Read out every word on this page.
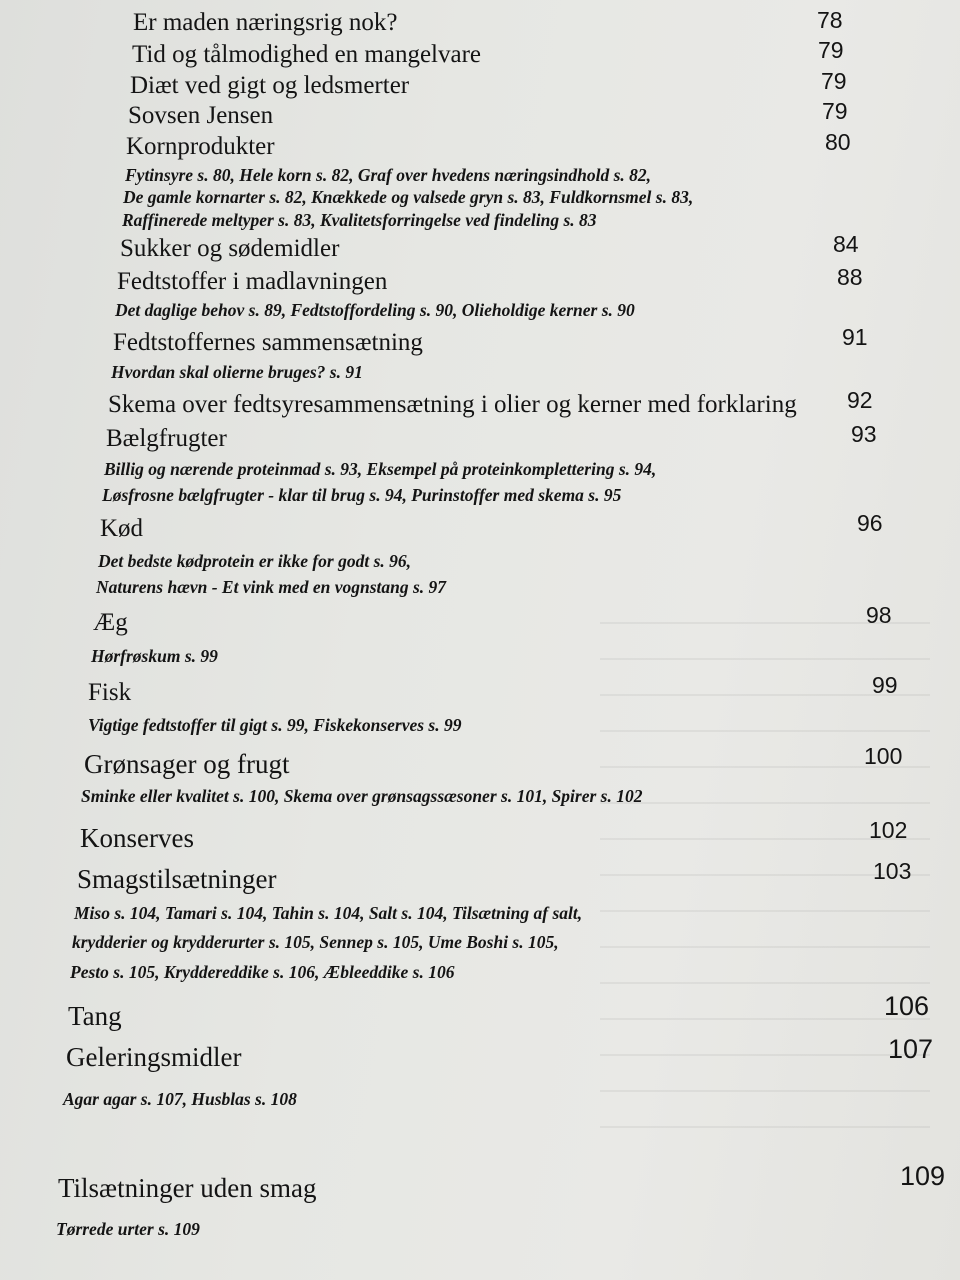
Er maden næringsrig nok?	78
Tid og tålmodighed en mangelvare	79
Diæt ved gigt og ledsmerter	79
Sovsen Jensen	79
Kornprodukter	80
Fytinsyre s. 80, Hele korn s. 82, Graf over hvedens næringsindhold s. 82,
De gamle kornarter s. 82, Knækkede og valsede gryn s. 83, Fuldkornsmel s. 83,
Raffinerede meltyper s. 83, Kvalitetsforringelse ved findeling s. 83
Sukker og sødemidler	84
Fedtstoffer i madlavningen	88
Det daglige behov s. 89, Fedtstoffordeling s. 90, Olieholdige kerner s. 90
Fedtstoffernes sammensætning	91
Hvordan skal olierne bruges? s. 91
Skema over fedtsyresammensætning i olier og kerner med forklaring 92
Bælgfrugter	93
Billig og nærende proteinmad s. 93, Eksempel på proteinkomplettering s. 94,
Løsfrosne bælgfrugter - klar til brug s. 94, Purinstoffer med skema s. 95
Kød	96
Det bedste kødprotein er ikke for godt s. 96,
Naturens hævn - Et vink med en vognstang s. 97
Æg	98
Hørfrøskum s. 99
Fisk	99
Vigtige fedtstoffer til gigt s. 99, Fiskekonserves s. 99
Grønsager og frugt	100
Sminke eller kvalitet s. 100, Skema over grønsagssæsoner s. 101, Spirer s. 102
Konserves	102
Smagstilsætninger	103
Miso s. 104, Tamari s. 104, Tahin s. 104, Salt s. 104, Tilsætning af salt,
krydderier og krydderurter s. 105, Sennep s. 105, Ume Boshi s. 105,
Pesto s. 105, Kryddereddike s. 106, Æbleeddike s. 106
Tang	106
Geleringsmidler	107
Agar agar s. 107, Husblas s. 108
Tilsætninger uden smag	109
Tørrede urter s. 109
